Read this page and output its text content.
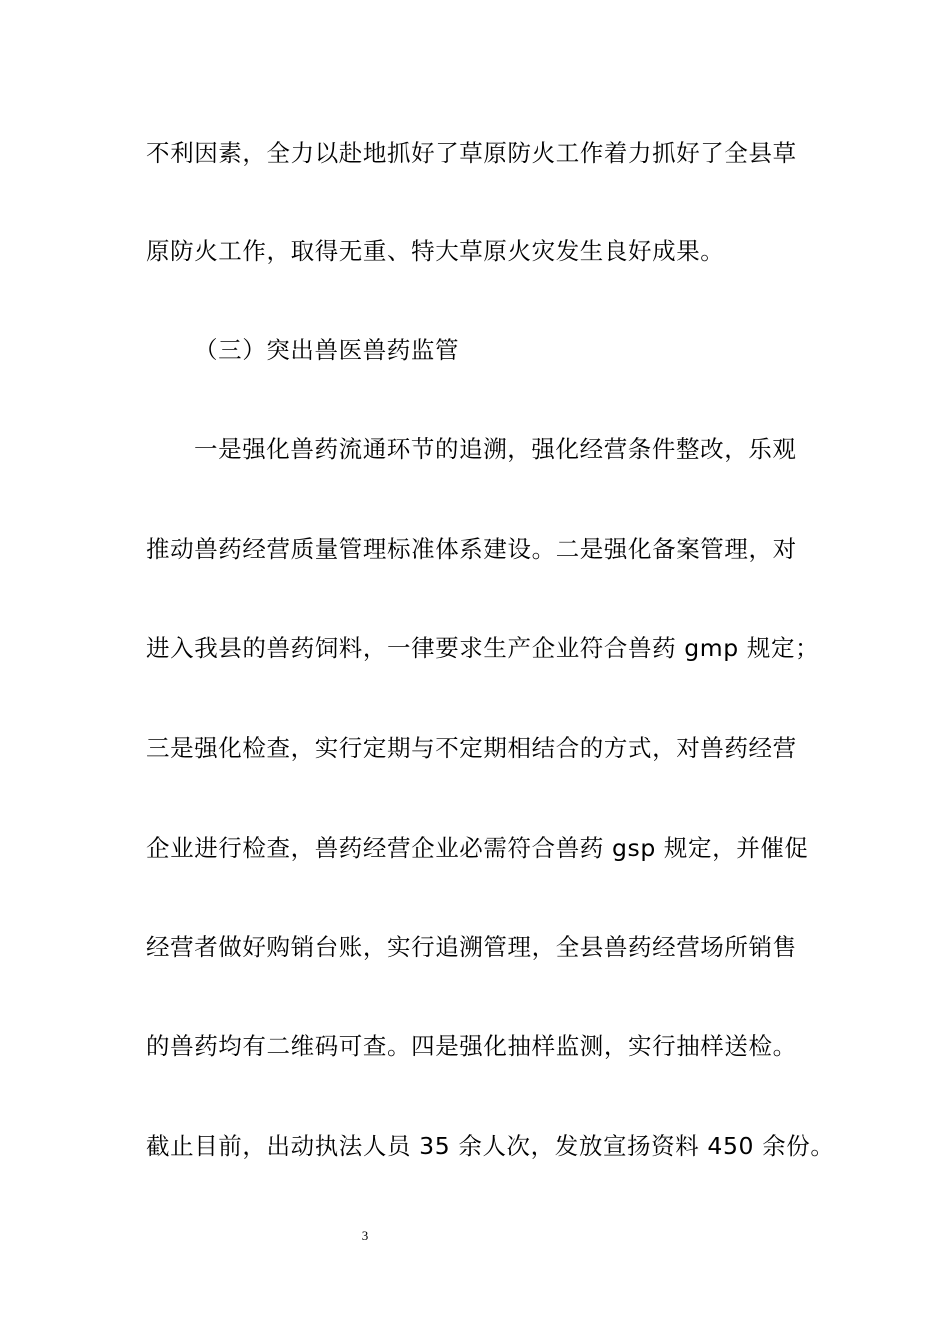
不利因素，全力以赴地抓好了草原防火工作着力抓好了全县草
原防火工作，取得无重、特大草原火灾发生良好成果。
（三）突出兽医兽药监管
一是强化兽药流通环节的追溯，强化经营条件整改，乐观
推动兽药经营质量管理标准体系建设。二是强化备案管理，对
进入我县的兽药饲料，一律要求生产企业符合兽药 gmp 规定；
三是强化检查，实行定期与不定期相结合的方式，对兽药经营
企业进行检查，兽药经营企业必需符合兽药 gsp 规定，并催促
经营者做好购销台账，实行追溯管理，全县兽药经营场所销售
的兽药均有二维码可查。四是强化抽样监测，实行抽样送检。
截止目前，出动执法人员 35 余人次，发放宣扬资料 450 余份。
3
